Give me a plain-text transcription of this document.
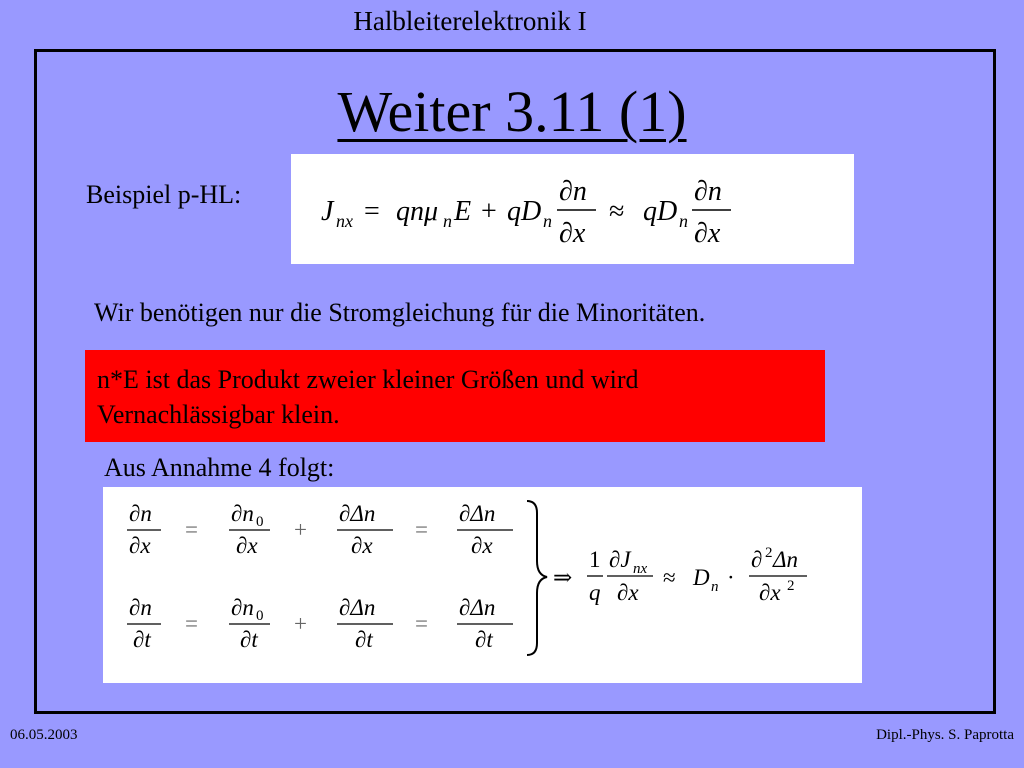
Halbleiterelektronik I
Weiter 3.11 (1)
Beispiel p-HL:
J nx = qnμ n E + qD n
∂n
∂x
≈ qD n
∂n
∂x
Wir benötigen nur die Stromgleichung für die Minoritäten.
n*E ist das Produkt zweier kleiner Größen und wird
Vernachlässigbar klein.
Aus Annahme 4 folgt:
∂n
∂x
=
∂n 0
∂x
+
∂Δn
∂x
=
∂Δn
∂x
∂n
∂t
=
∂n 0
∂t
+
∂Δn
∂t
=
∂Δn
∂t
⇒
1
q
∂J nx
∂x
≈ D n ·
∂ 2 Δn
∂x 2
06.05.2003	Dipl.-Phys. S. Paprotta
